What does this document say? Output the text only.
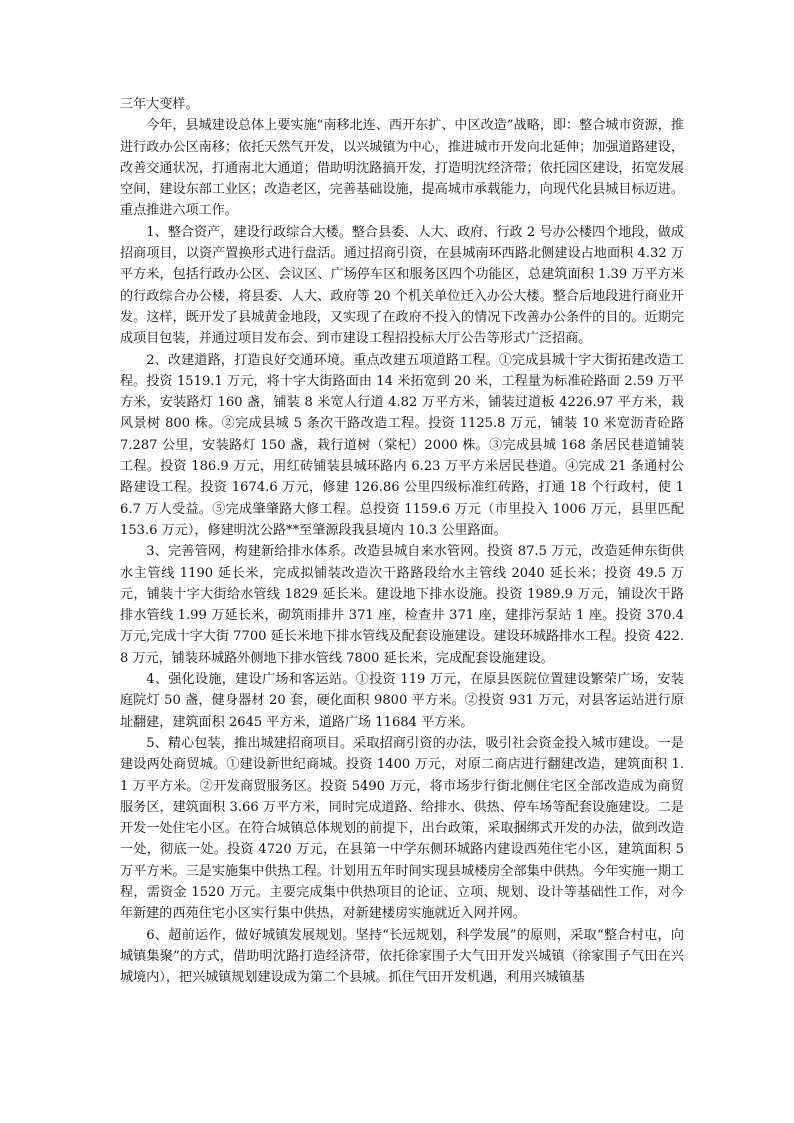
三年大变样。

今年，县城建设总体上要实施“南移北连、西开东扩、中区改造”战略，即：整合城市资源，推进行政办公区南移；依托天然气开发，以兴城镇为中心，推进城市开发向北延伸；加强道路建设，改善交通状况，打通南北大通道；借助明沈路搞开发，打造明沈经济带；依托园区建设，拓宽发展空间，建设东部工业区；改造老区，完善基础设施，提高城市承载能力，向现代化县城目标迈进。重点推进六项工作。

1、整合资产，建设行政综合大楼。整合县委、人大、政府、行政 2 号办公楼四个地段，做成招商项目，以资产置换形式进行盘活。通过招商引资，在县城南环西路北侧建设占地面积 4.32 万平方米，包括行政办公区、会议区、广场停车区和服务区四个功能区，总建筑面积 1.39 万平方米的行政综合办公楼，将县委、人大、政府等 20 个机关单位迁入办公大楼。整合后地段进行商业开发。这样，既开发了县城黄金地段，又实现了在政府不投入的情况下改善办公条件的目的。近期完成项目包装，并通过项目发布会、到市建设工程招投标大厅公告等形式广泛招商。

2、改建道路，打造良好交通环境。重点改建五项道路工程。①完成县城十字大街拓建改造工程。投资 1519.1 万元，将十字大街路面由 14 米拓宽到 20 米，工程量为标准砼路面 2.59 万平方米，安装路灯 160 盏，铺装 8 米宽人行道 4.82 万平方米，铺装过道板 4226.97 平方米，栽风景树 800 株。②完成县城 5 条次干路改造工程。投资 1125.8 万元，铺装 10 米宽沥青砼路 7.287 公里，安装路灯 150 盏，栽行道树（棠杞）2000 株。③完成县城 168 条居民巷道铺装工程。投资 186.9 万元，用红砖铺装县城环路内 6.23 万平方米居民巷道。④完成 21 条通村公路建设工程。投资 1674.6 万元，修建 126.86 公里四级标准红砖路，打通 18 个行政村，使 16.7 万人受益。⑤完成肇肇路大修工程。总投资 1159.6 万元（市里投入 1006 万元，县里匹配 153.6 万元），修建明沈公路**至肇源段我县境内 10.3 公里路面。

3、完善管网，构建新给排水体系。改造县城自来水管网。投资 87.5 万元，改造延伸东街供水主管线 1190 延长米，完成拟铺装改造次干路路段给水主管线 2040 延长米；投资 49.5 万元，铺装十字大街给水管线 1829 延长米。建设地下排水设施。投资 1989.9 万元，铺设次干路排水管线 1.99 万延长米，砌筑雨排井 371 座，检查井 371 座，建排污泵站 1 座。投资 370.4 万元,完成十字大街 7700 延长米地下排水管线及配套设施建设。建设环城路排水工程。投资 422.8 万元，铺装环城路外侧地下排水管线 7800 延长米，完成配套设施建设。

4、强化设施，建设广场和客运站。①投资 119 万元，在原县医院位置建设繁荣广场，安装庭院灯 50 盏，健身器材 20 套，硬化面积 9800 平方米。②投资 931 万元，对县客运站进行原址翻建，建筑面积 2645 平方米，道路广场 11684 平方米。

5、精心包装，推出城建招商项目。采取招商引资的办法，吸引社会资金投入城市建设。一是建设两处商贸城。①建设新世纪商城。投资 1400 万元，对原二商店进行翻建改造，建筑面积 1.1 万平方米。②开发商贸服务区。投资 5490 万元，将市场步行街北侧住宅区全部改造成为商贸服务区，建筑面积 3.66 万平方米，同时完成道路、给排水、供热、停车场等配套设施建设。二是开发一处住宅小区。在符合城镇总体规划的前提下，出台政策，采取捆绑式开发的办法，做到改造一处，彻底一处。投资 4720 万元，在县第一中学东侧环城路内建设西苑住宅小区，建筑面积 5 万平方米。三是实施集中供热工程。计划用五年时间实现县城楼房全部集中供热。今年实施一期工程，需资金 1520 万元。主要完成集中供热项目的论证、立项、规划、设计等基础性工作，对今年新建的西苑住宅小区实行集中供热，对新建楼房实施就近入网并网。

6、超前运作，做好城镇发展规划。坚持“长远规划，科学发展”的原则，采取“整合村屯，向城镇集聚”的方式，借助明沈路打造经济带，依托徐家围子大气田开发兴城镇（徐家围子气田在兴城境内），把兴城镇规划建设成为第二个县城。抓住气田开发机遇，利用兴城镇基
